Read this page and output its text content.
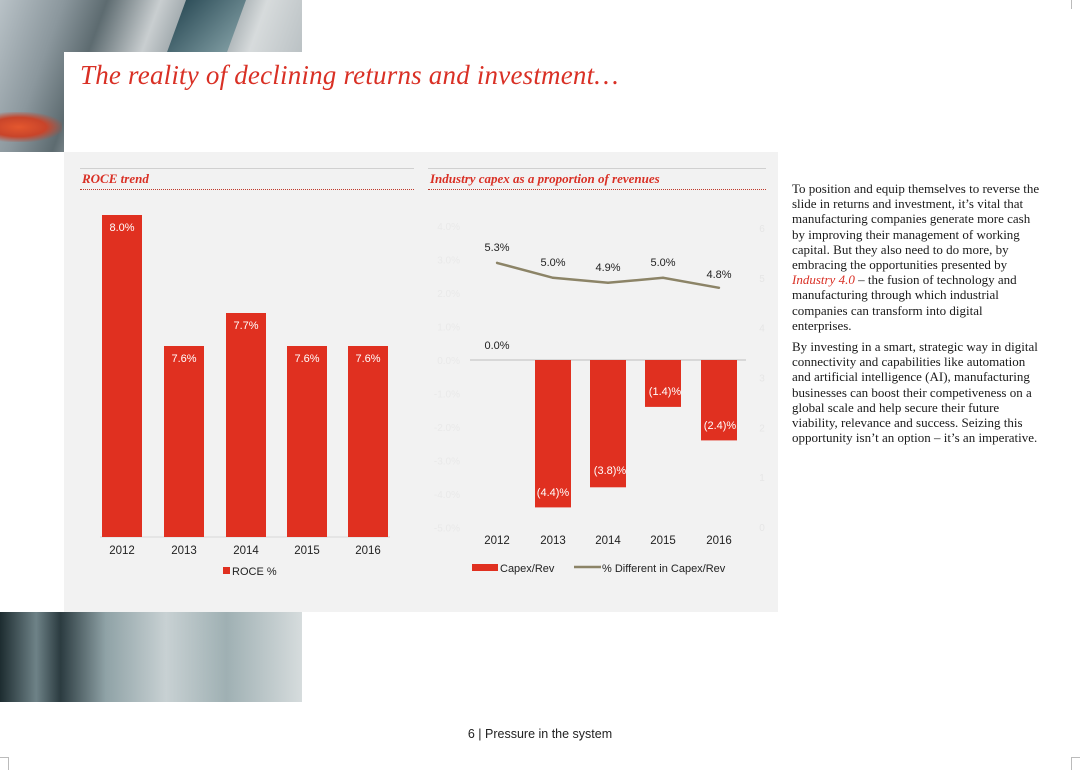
The reality of declining returns and investment…
ROCE trend	Industry capex as a proportion of revenues
8.0%
2012
7.6%
2013
7.7%
2014
7.6%
2015
7.6%
2016
ROCE %
4.0%
3.0%
2.0%
1.0%
0.0%
-1.0%
-2.0%
-3.0%
-4.0%
-5.0%
6
5
4
3
2
1
0
0.0%
(4.4)%
(3.8)%
(1.4)%
(2.4)%
5.3%
5.0%	4.9%	5.0%
4.8%
2012	2013	2014	2015	2016
Capex/Rev	% Different in Capex/Rev

To position and equip themselves to reverse the slide in returns and investment, it’s vital that manufacturing companies generate more cash by improving their management of working capital. But they also need to do more, by embracing the opportunities presented by Industry 4.0 – the fusion of technology and manufacturing through which industrial companies can transform into digital enterprises.

By investing in a smart, strategic way in digital connectivity and capabilities like automation and artificial intelligence (AI), manufacturing businesses can boost their competiveness on a global scale and help secure their future viability, relevance and success. Seizing this opportunity isn’t an option – it’s an imperative.

6 | Pressure in the system
